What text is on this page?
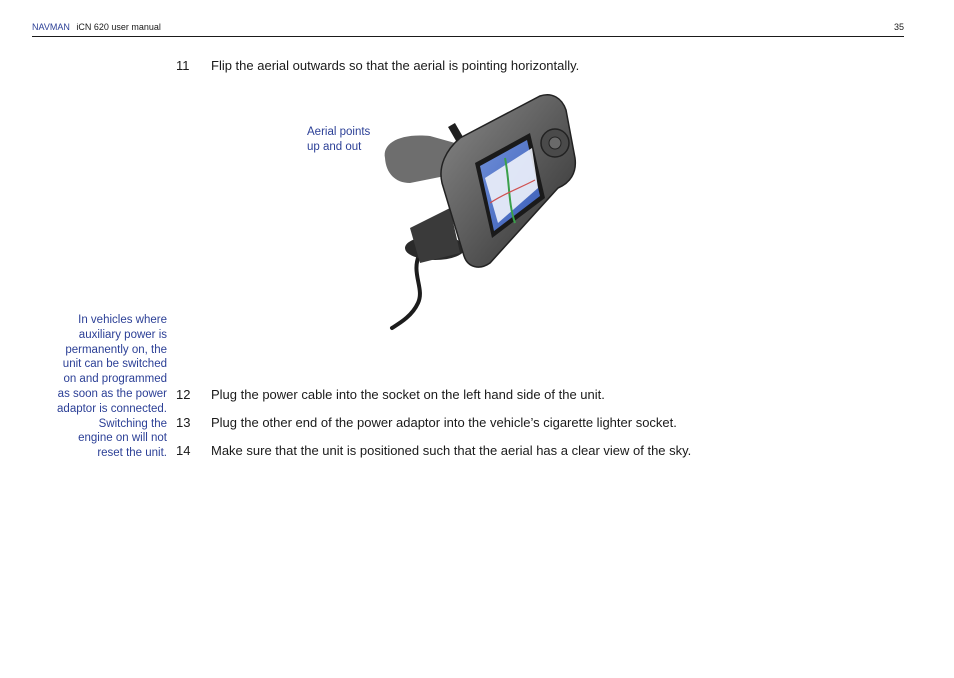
NAVMAN iCN 620 user manual	35
11	Flip the aerial outwards so that the aerial is pointing horizontally.
Aerial points
up and out
In vehicles where
auxiliary power is
permanently on, the
unit can be switched
on and programmed
as soon as the power
adaptor is connected.
Switching the
engine on will not
reset the unit.
12	Plug the power cable into the socket on the left hand side of the unit.
13	Plug the other end of the power adaptor into the vehicle’s cigarette lighter socket.
14	Make sure that the unit is positioned such that the aerial has a clear view of the sky.
